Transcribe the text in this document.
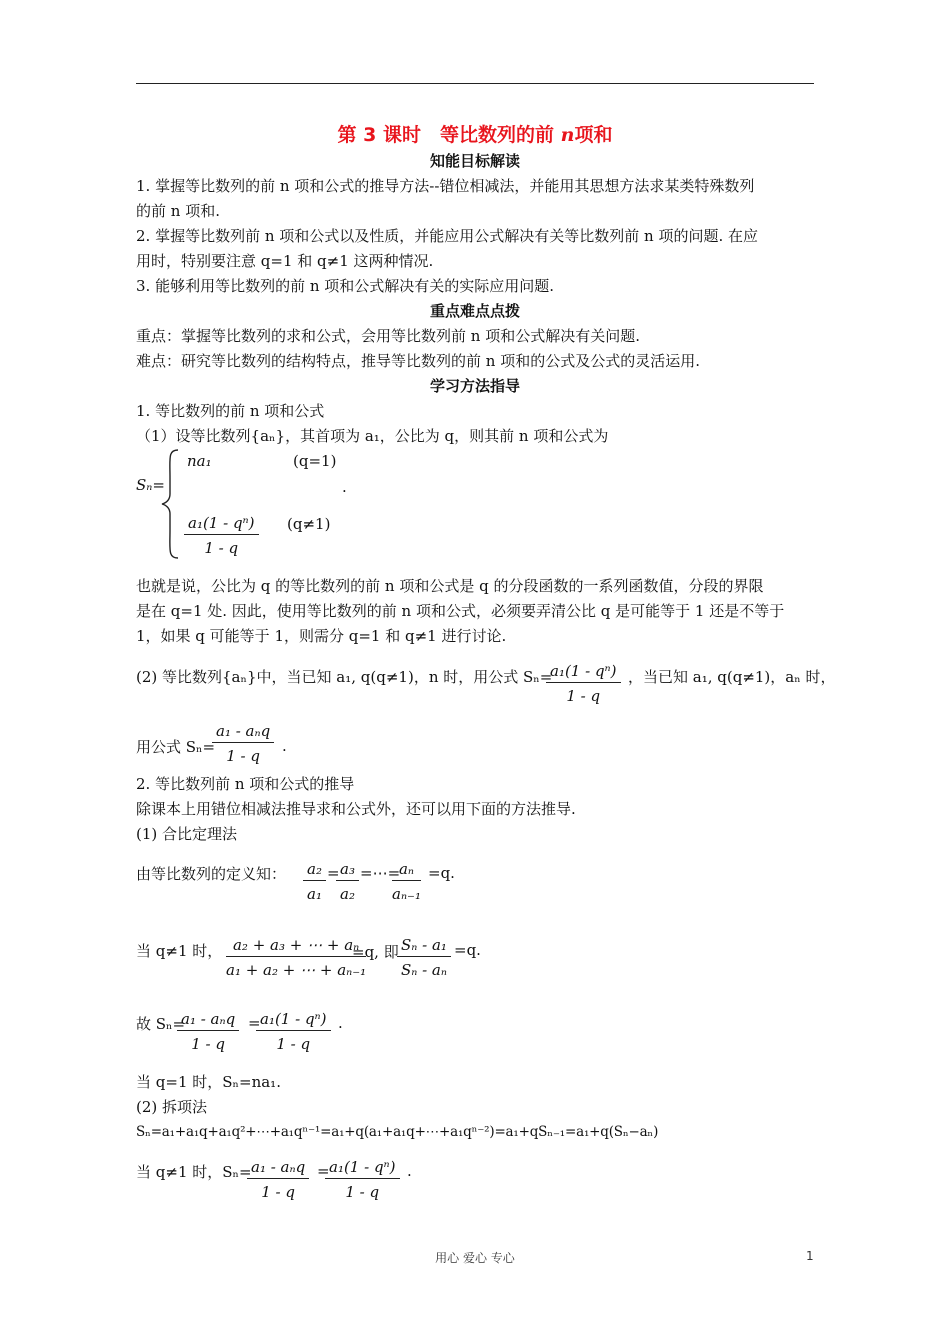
第 3 课时　等比数列的前 n项和
知能目标解读
1. 掌握等比数列的前 n 项和公式的推导方法--错位相减法，并能用其思想方法求某类特殊数列
的前 n 项和.
2. 掌握等比数列前 n 项和公式以及性质，并能应用公式解决有关等比数列前 n 项的问题. 在应
用时，特别要注意 q=1 和 q≠1 这两种情况.
3. 能够利用等比数列的前 n 项和公式解决有关的实际应用问题.
重点难点点拨
重点：掌握等比数列的求和公式，会用等比数列前 n 项和公式解决有关问题.
难点：研究等比数列的结构特点，推导等比数列的前 n 项和的公式及公式的灵活运用.
学习方法指导
1. 等比数列的前 n 项和公式
（1）设等比数列{aₙ}，其首项为 a₁，公比为 q，则其前 n 项和公式为
Sₙ=
na₁	(q=1)
.
$\frac{\text{a₁(1 - qⁿ)}}{1 - q} (q\ne 1)$
也就是说，公比为 q 的等比数列的前 n 项和公式是 q 的分段函数的一系列函数值，分段的界限
是在 q=1 处. 因此，使用等比数列的前 n 项和公式，必须要弄清公比 q 是可能等于 1 还是不等于
1，如果 q 可能等于 1，则需分 q=1 和 q≠1 进行讨论.
(2) 等比数列{aₙ}中，当已知 a₁, q(q≠1)，n 时，用公式 Sₙ=
$\frac{\text{a₁(1 - qⁿ)}}{1 - q}$ ，当已知 a₁, q(q≠1)，aₙ 时，
用公式 Sₙ=
a₁ - aₙq
1 - q
.
2. 等比数列前 n 项和公式的推导
除课本上用错位相减法推导求和公式外，还可以用下面的方法推导.
(1) 合比定理法
由等比数列的定义知： $\frac{\text{a₂}}{\text{a₁}}$ =
$\frac{\text{a₃}}{\text{a₂}}$ =⋯=
$\frac{\text{aₙ}}{\text{aₙ₋₁}} =q$.
当 q≠1 时， $\frac{\text{a₂ + a₃ + ⋯ + aₙ}}{\text{a₁ + a₂ + ⋯ + aₙ₋₁}}$
=q, 即
$\frac{\text{Sₙ - a₁}}{\text{Sₙ - aₙ}} =q$.
故 Sₙ=
a₁ - aₙq
1 - q
=
$\frac{\text{a₁(1 - qⁿ)}}{1 - q}$ .
当 q=1 时，Sₙ=na₁.
(2) 拆项法
Sₙ=a₁+a₁q+a₁q²+⋯+a₁qⁿ⁻¹=a₁+q(a₁+a₁q+⋯+a₁qⁿ⁻²)=a₁+qSₙ₋₁=a₁+q(Sₙ−aₙ)
当 q≠1 时，Sₙ= a₁ - aₙq
1 - q
=
$\frac{\text{a₁(1 - qⁿ)}}{1 - q}$ .
用心 爱心 专心	1
